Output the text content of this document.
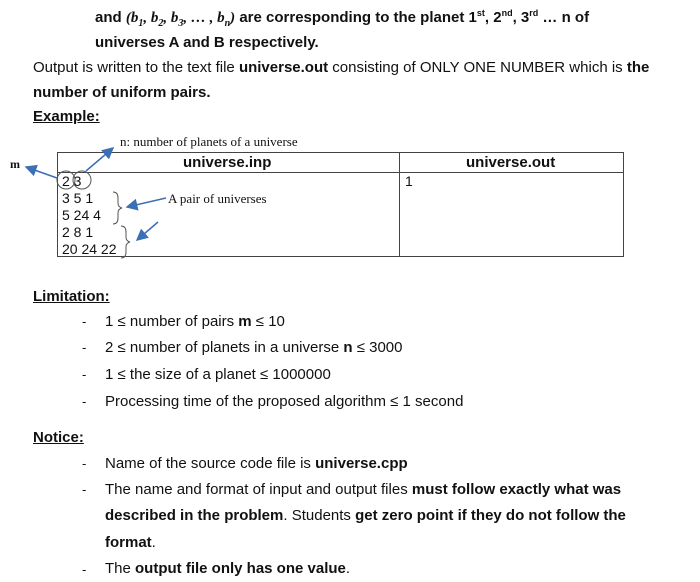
and ($b_1$, $b_2$, $b_3$, … , $b_n$) are corresponding to the planet 1st, 2nd, 3rd … n of
universes A and B respectively.
Output is written to the text file universe.out consisting of ONLY ONE NUMBER which is the
number of uniform pairs.
Example:
n: number of planets of a universe
m
A pair of universes
universe.inp	universe.out
2 3
3 5 1
5 24 4
2 8 1
20 24 22
1
Limitation:
- 1 ≤ number of pairs m ≤ 10
- 2 ≤ number of planets in a universe n ≤ 3000
- 1 ≤ the size of a planet ≤ 1000000
- Processing time of the proposed algorithm ≤ 1 second
Notice:
- Name of the source code file is universe.cpp
- The name and format of input and output files must follow exactly what was
described in the problem. Students get zero point if they do not follow the
format.
- The output file only has one value.
